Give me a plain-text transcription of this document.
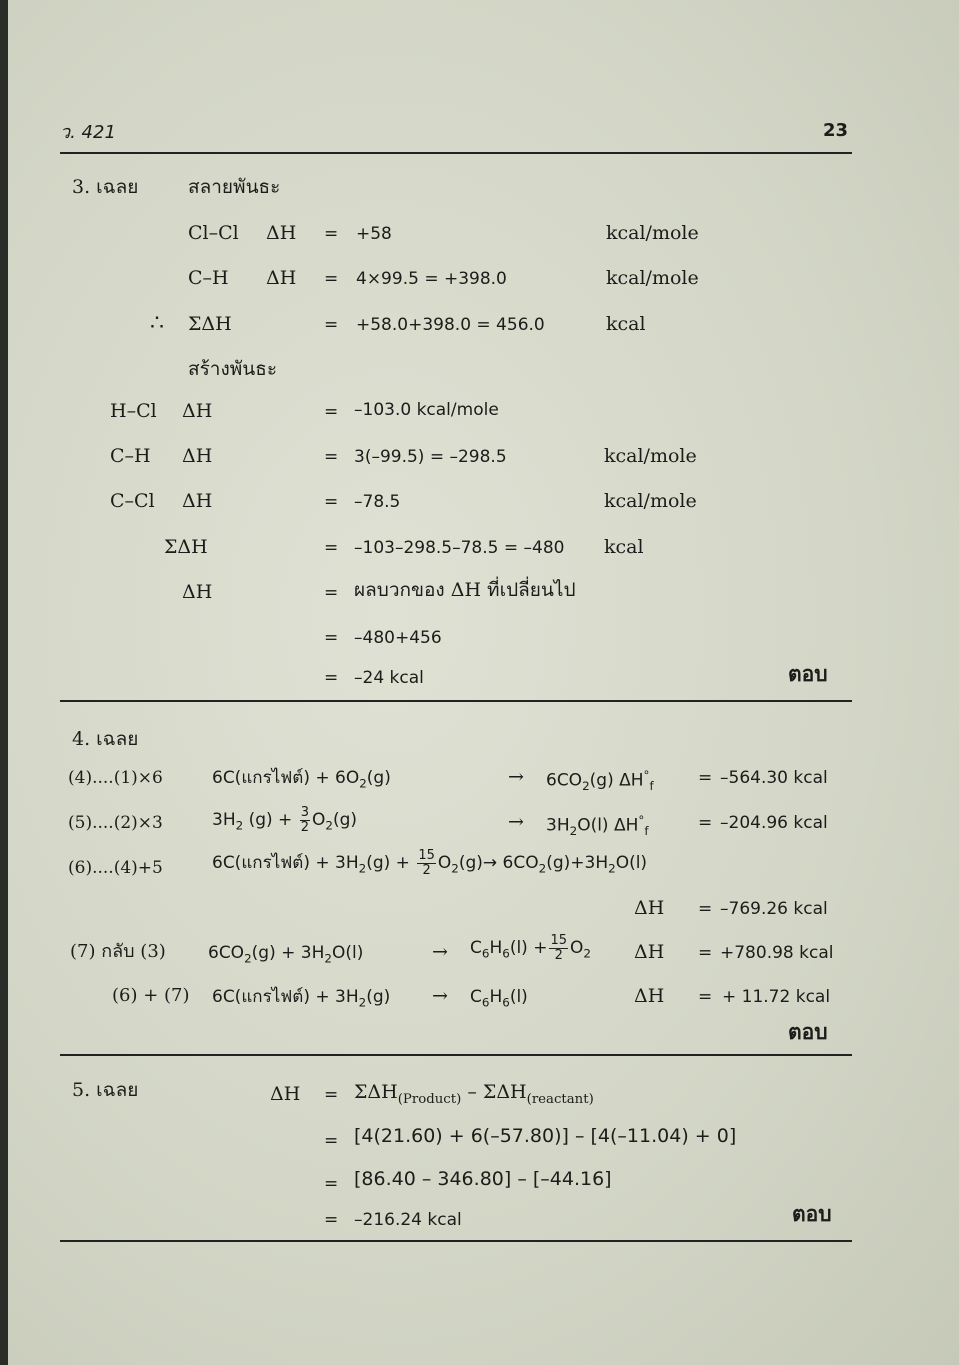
ว. 421	23
3. เฉลย	สลายพันธะ
Cl–Cl ΔH = +58	kcal/mole
C–H ΔH = 4×99.5 = +398.0	kcal/mole
∴ ΣΔH	= +58.0+398.0 = 456.0	kcal
สร้างพันธะ
H–Cl ΔH	= –103.0 kcal/mole
C–H ΔH	= 3(–99.5) = –298.5	kcal/mole
C–Cl ΔH	= –78.5	kcal/mole
ΣΔH	= –103–298.5–78.5 = –480 kcal
ΔH	= ผลบวกของ ΔH ที่เปลี่ยนไป
= –480+456
= –24 kcal	ตอบ
4. เฉลย
(4)....(1)×6	6C(แกรไฟต์) + $6O_2(g)$	→ $6CO_2(g)$ $\Delta H^\circ_f$	= –564.30 kcal
(5)....(2)×3	$3H_2$ $(g) + \frac{3}{2} O_2(g)$	→ $3H_2O(l)$ $\Delta H^\circ_f$	= –204.96 kcal
(6)....(4)+5	6C(แกรไฟต์) + $3H_2(g) + \frac{15}{2} O_2(g)\to 6CO_2(g)+3H_2O(l)$
ΔH = –769.26 kcal
(7) กลับ (3) $6CO_2(g) + 3H_2O(l)$	→ $C_6H_6(l) + \frac{15}{2} O_2$ ΔH = +780.98 kcal
(6) + (7) 6C(แกรไฟต์) + $3H_2(g) \to C_6H_6(l)$	ΔH = + 11.72 kcal
ตอบ
5. เฉลย	$\Delta H = \Sigma\Delta H_{(Product)} - \Sigma\Delta H_{(reactant)}$
= [4(21.60) + 6(–57.80)] – [4(–11.04) + 0]
= [86.40 – 346.80] – [–44.16]
= –216.24 kcal	ตอบ
